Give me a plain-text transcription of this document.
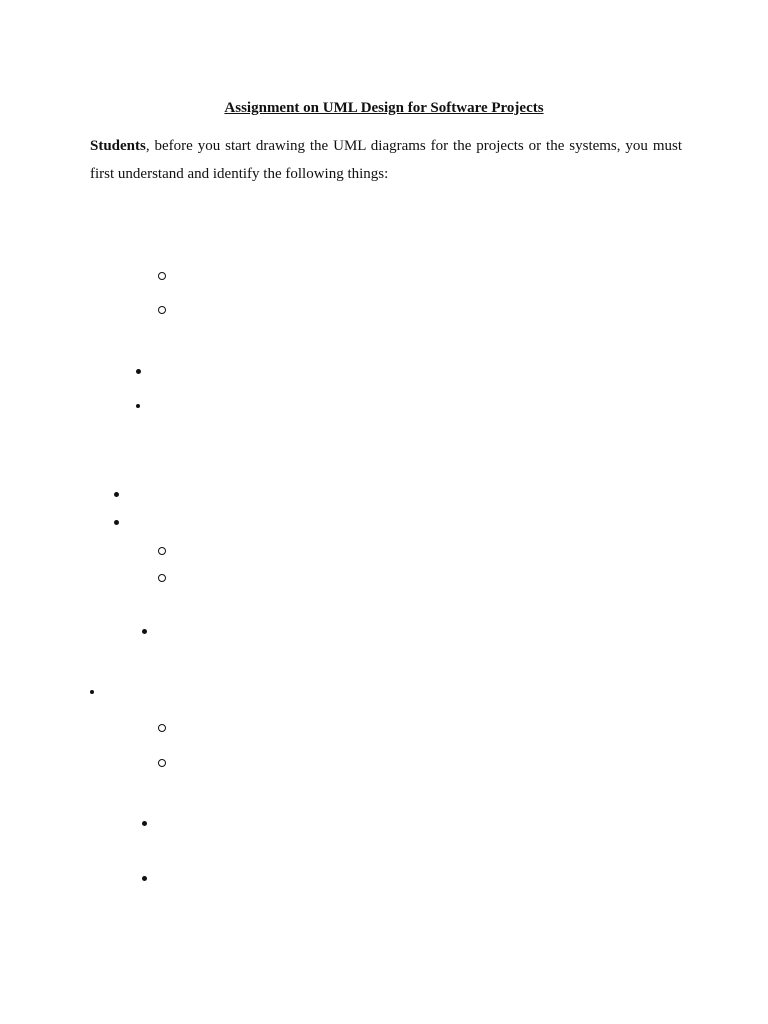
Assignment on UML Design for Software Projects

Students, before you start drawing the UML diagrams for the projects or the systems, you must first understand and identify the following things:
